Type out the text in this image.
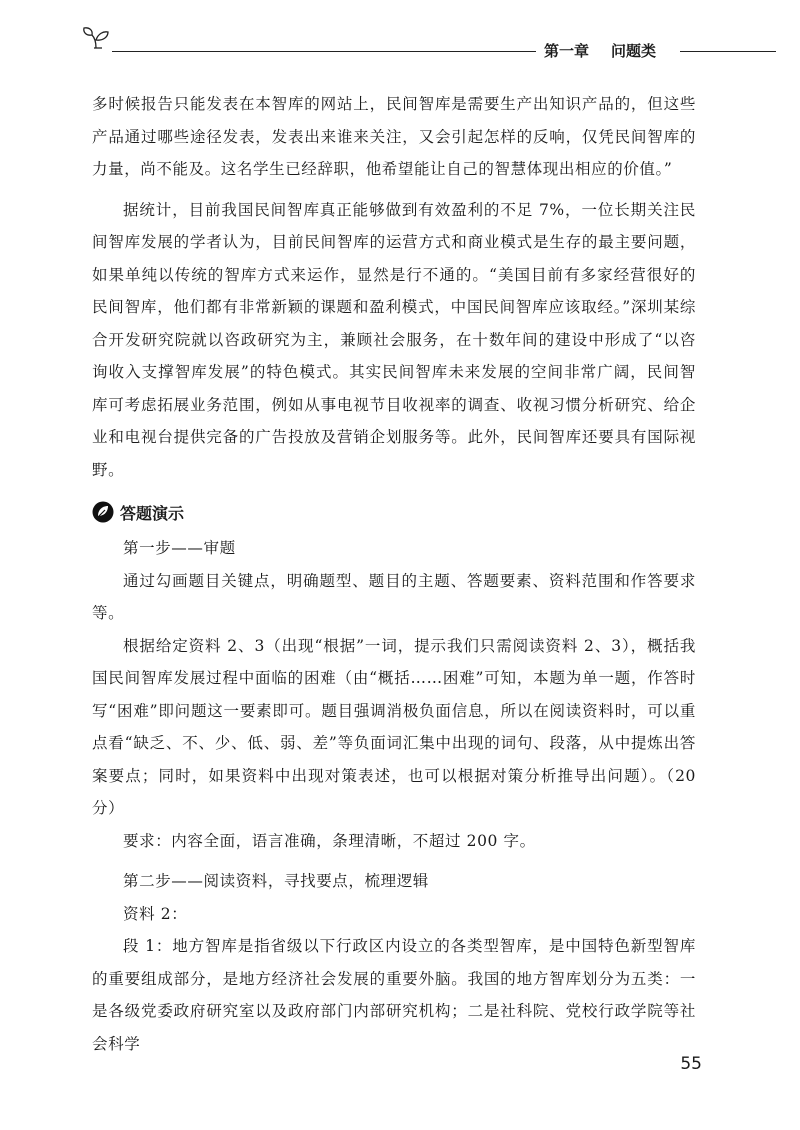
第一章 问题类

多时候报告只能发表在本智库的网站上，民间智库是需要生产出知识产品的，但这些产品通过哪些途径发表，发表出来谁来关注，又会引起怎样的反响，仅凭民间智库的力量，尚不能及。这名学生已经辞职，他希望能让自己的智慧体现出相应的价值。”

据统计，目前我国民间智库真正能够做到有效盈利的不足 7%，一位长期关注民间智库发展的学者认为，目前民间智库的运营方式和商业模式是生存的最主要问题，如果单纯以传统的智库方式来运作，显然是行不通的。“美国目前有多家经营很好的民间智库，他们都有非常新颖的课题和盈利模式，中国民间智库应该取经。”深圳某综合开发研究院就以咨政研究为主，兼顾社会服务，在十数年间的建设中形成了“以咨询收入支撑智库发展”的特色模式。其实民间智库未来发展的空间非常广阔，民间智库可考虑拓展业务范围，例如从事电视节目收视率的调查、收视习惯分析研究、给企业和电视台提供完备的广告投放及营销企划服务等。此外，民间智库还要具有国际视野。

答题演示

第一步——审题

通过勾画题目关键点，明确题型、题目的主题、答题要素、资料范围和作答要求等。

根据给定资料 2、3（出现“根据”一词，提示我们只需阅读资料 2、3），概括我国民间智库发展过程中面临的困难（由“概括……困难”可知，本题为单一题，作答时写“困难”即问题这一要素即可。题目强调消极负面信息，所以在阅读资料时，可以重点看“缺乏、不、少、低、弱、差”等负面词汇集中出现的词句、段落，从中提炼出答案要点；同时，如果资料中出现对策表述，也可以根据对策分析推导出问题）。（20 分）

要求：内容全面，语言准确，条理清晰，不超过 200 字。

第二步——阅读资料，寻找要点，梳理逻辑

资料 2：

段 1：地方智库是指省级以下行政区内设立的各类型智库，是中国特色新型智库的重要组成部分，是地方经济社会发展的重要外脑。我国的地方智库划分为五类：一是各级党委政府研究室以及政府部门内部研究机构；二是社科院、党校行政学院等社会科学

55
